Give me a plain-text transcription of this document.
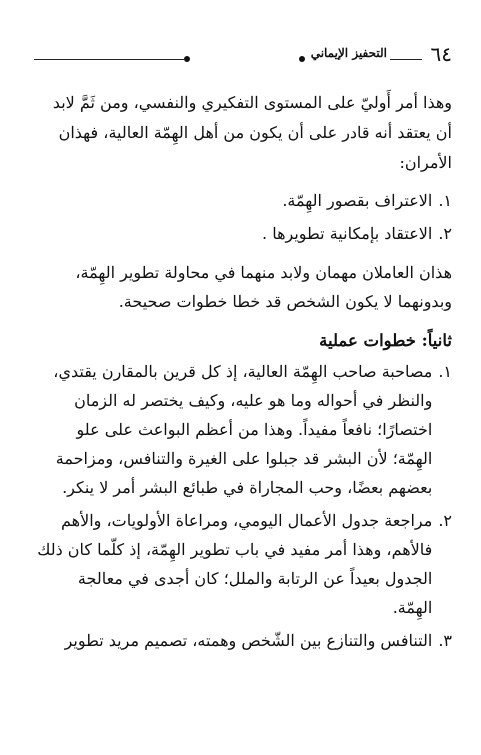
٦٤
التحفيز الإيماني

وهذا أمر أَوليّ على المستوى التفكيري والنفسي، ومن ثَمَّ لابد أن يعتقد أنه قادر على أن يكون من أهل الهِمّة العالية، فهذان الأمران:

١.
الاعتراف بقصور الهِمّة.
٢.
الاعتقاد بإمكانية تطويرها .

هذان العاملان مهمان ولابد منهما في محاولة تطوير الهِمّة، وبدونهما لا يكون الشخص قد خطا خطوات صحيحة.

ثانياً: خطوات عملية
١.
مصاحبة صاحب الهِمّة العالية، إذ كل قرين بالمقارن يقتدي، والنظر في أحواله وما هو عليه، وكيف يختصر له الزمان اختصارًا؛ نافعاً مفيداً. وهذا من أعظم البواعث على علو الهِمّة؛ لأن البشر قد جبلوا على الغيرة والتنافس، ومزاحمة بعضهم بعضًا، وحب المجاراة في طبائع البشر أمر لا ينكر.
٢.
مراجعة جدول الأعمال اليومي، ومراعاة الأولويات، والأهم فالأهم، وهذا أمر مفيد في باب تطوير الهِمّة، إذ كلّما كان ذلك الجدول بعيداً عن الرتابة والملل؛ كان أجدى في معالجة الهِمّة.
٣.
التنافس والتنازع بين الشّخص وهمته، تصميم مريد تطوير
